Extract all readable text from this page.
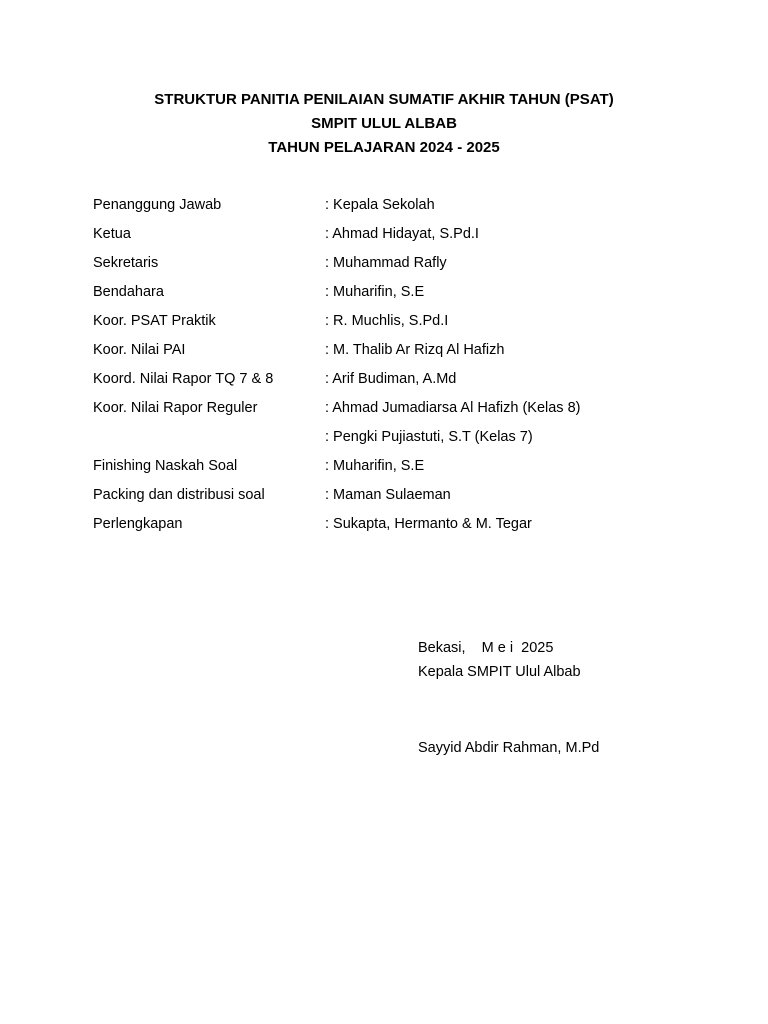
STRUKTUR PANITIA PENILAIAN SUMATIF AKHIR TAHUN (PSAT)
SMPIT ULUL ALBAB
TAHUN PELAJARAN 2024 - 2025
Penanggung Jawab	: Kepala Sekolah
Ketua	: Ahmad Hidayat, S.Pd.I
Sekretaris	: Muhammad Rafly
Bendahara	: Muharifin, S.E
Koor. PSAT Praktik	: R. Muchlis, S.Pd.I
Koor. Nilai PAI	: M. Thalib Ar Rizq Al Hafizh
Koord. Nilai Rapor TQ 7 & 8	: Arif Budiman, A.Md
Koor. Nilai Rapor Reguler	: Ahmad Jumadiarsa Al Hafizh (Kelas 8)
: Pengki Pujiastuti, S.T (Kelas 7)
Finishing Naskah Soal	: Muharifin, S.E
Packing dan distribusi soal	: Maman Sulaeman
Perlengkapan	: Sukapta, Hermanto & M. Tegar
Bekasi,    M e i  2025
Kepala SMPIT Ulul Albab
Sayyid Abdir Rahman, M.Pd
